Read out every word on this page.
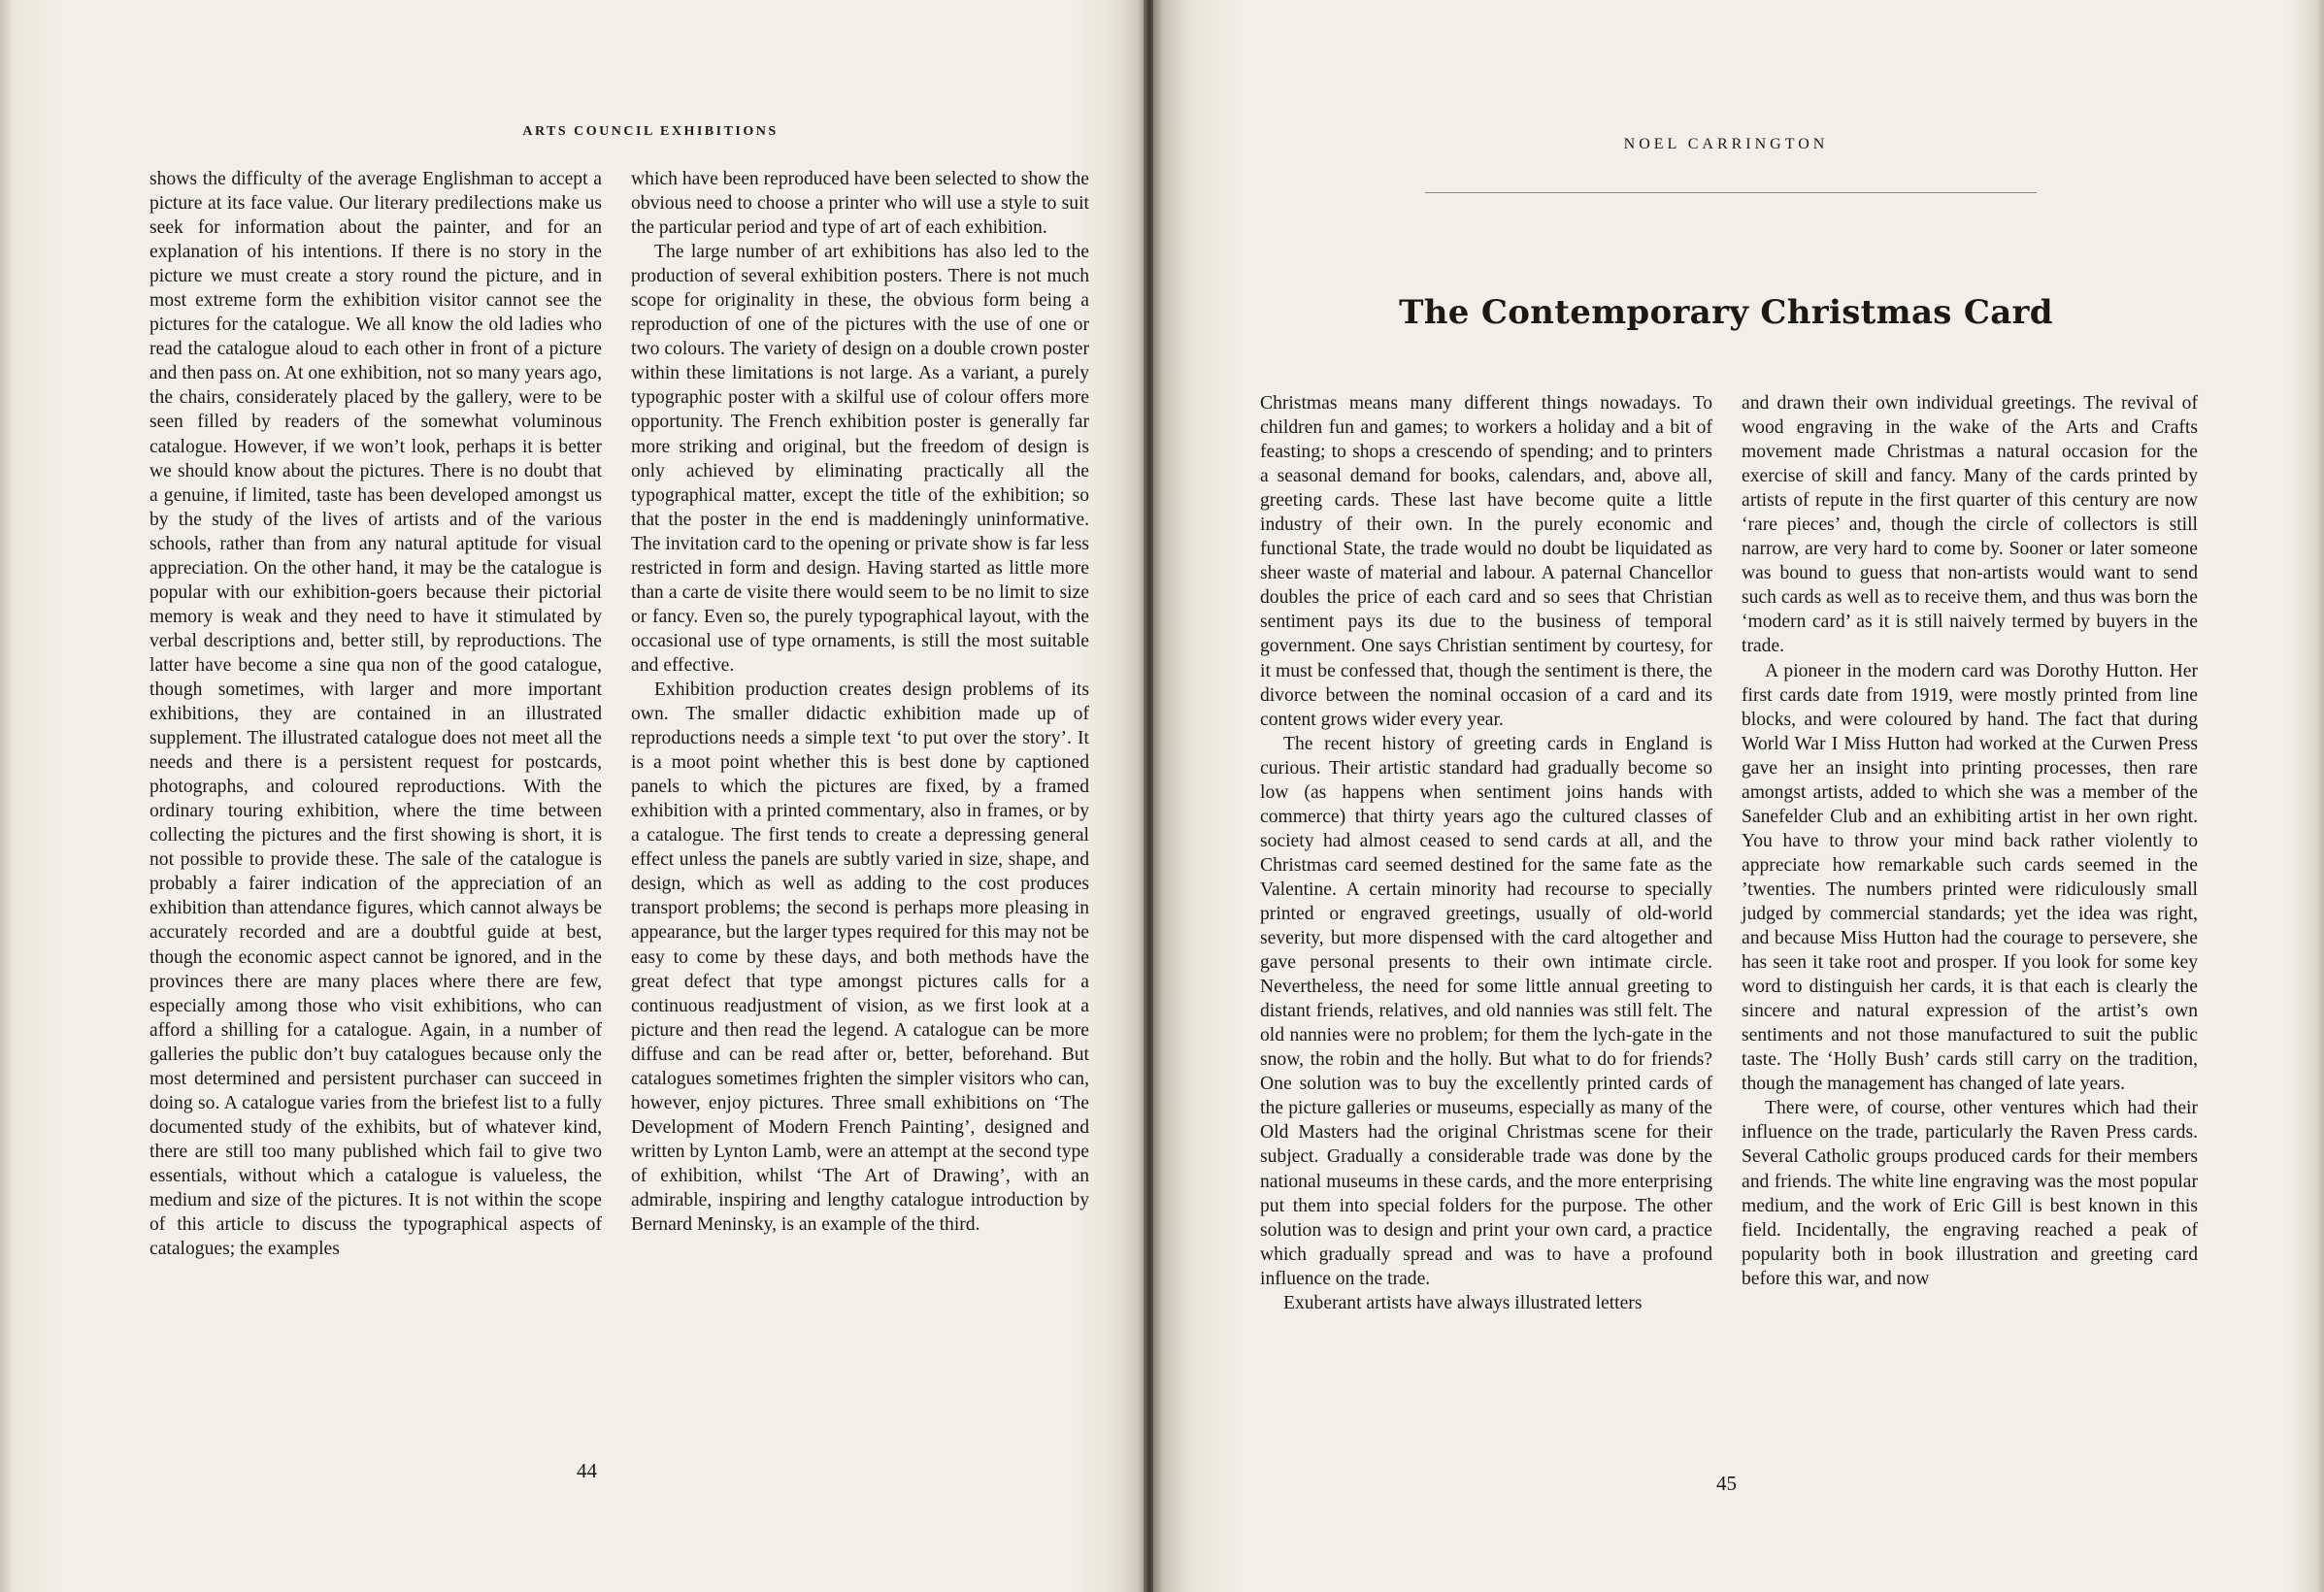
ARTS COUNCIL EXHIBITIONS

shows the difficulty of the average Englishman to accept a picture at its face value. Our literary predilections make us seek for information about the painter, and for an explanation of his intentions. If there is no story in the picture we must create a story round the picture, and in most extreme form the exhibition visitor cannot see the pictures for the catalogue. We all know the old ladies who read the catalogue aloud to each other in front of a picture and then pass on. At one exhibition, not so many years ago, the chairs, considerately placed by the gallery, were to be seen filled by readers of the somewhat voluminous catalogue. However, if we won’t look, perhaps it is better we should know about the pictures. There is no doubt that a genuine, if limited, taste has been developed amongst us by the study of the lives of artists and of the various schools, rather than from any natural aptitude for visual appreciation. On the other hand, it may be the catalogue is popular with our exhibition-goers because their pictorial memory is weak and they need to have it stimulated by verbal descriptions and, better still, by reproductions. The latter have become a sine qua non of the good catalogue, though sometimes, with larger and more important exhibitions, they are contained in an illustrated supplement. The illustrated catalogue does not meet all the needs and there is a persistent request for postcards, photographs, and coloured reproductions. With the ordinary touring exhibition, where the time between collecting the pictures and the first showing is short, it is not possible to provide these. The sale of the catalogue is probably a fairer indication of the appreciation of an exhibition than attendance figures, which cannot always be accurately recorded and are a doubtful guide at best, though the economic aspect cannot be ignored, and in the provinces there are many places where there are few, especially among those who visit exhibitions, who can afford a shilling for a catalogue. Again, in a number of galleries the public don’t buy catalogues because only the most determined and persistent purchaser can succeed in doing so. A catalogue varies from the briefest list to a fully documented study of the exhibits, but of whatever kind, there are still too many published which fail to give two essentials, without which a catalogue is valueless, the medium and size of the pictures. It is not within the scope of this article to discuss the typographical aspects of catalogues; the examples

which have been reproduced have been selected to show the obvious need to choose a printer who will use a style to suit the particular period and type of art of each exhibition.

The large number of art exhibitions has also led to the production of several exhibition posters. There is not much scope for originality in these, the obvious form being a reproduction of one of the pictures with the use of one or two colours. The variety of design on a double crown poster within these limitations is not large. As a variant, a purely typographic poster with a skilful use of colour offers more opportunity. The French exhibition poster is generally far more striking and original, but the freedom of design is only achieved by eliminating practically all the typographical matter, except the title of the exhibition; so that the poster in the end is maddeningly uninformative. The invitation card to the opening or private show is far less restricted in form and design. Having started as little more than a carte de visite there would seem to be no limit to size or fancy. Even so, the purely typographical layout, with the occasional use of type ornaments, is still the most suitable and effective.

Exhibition production creates design problems of its own. The smaller didactic exhibition made up of reproductions needs a simple text ‘to put over the story’. It is a moot point whether this is best done by captioned panels to which the pictures are fixed, by a framed exhibition with a printed commentary, also in frames, or by a catalogue. The first tends to create a depressing general effect unless the panels are subtly varied in size, shape, and design, which as well as adding to the cost produces transport problems; the second is perhaps more pleasing in appearance, but the larger types required for this may not be easy to come by these days, and both methods have the great defect that type amongst pictures calls for a continuous readjustment of vision, as we first look at a picture and then read the legend. A catalogue can be more diffuse and can be read after or, better, beforehand. But catalogues sometimes frighten the simpler visitors who can, however, enjoy pictures. Three small exhibitions on ‘The Development of Modern French Painting’, designed and written by Lynton Lamb, were an attempt at the second type of exhibition, whilst ‘The Art of Drawing’, with an admirable, inspiring and lengthy catalogue introduction by Bernard Meninsky, is an example of the third.

44
NOEL CARRINGTON
The Contemporary Christmas Card

Christmas means many different things nowadays. To children fun and games; to workers a holiday and a bit of feasting; to shops a crescendo of spending; and to printers a seasonal demand for books, calendars, and, above all, greeting cards. These last have become quite a little industry of their own. In the purely economic and functional State, the trade would no doubt be liquidated as sheer waste of material and labour. A paternal Chancellor doubles the price of each card and so sees that Christian sentiment pays its due to the business of temporal government. One says Christian sentiment by courtesy, for it must be confessed that, though the sentiment is there, the divorce between the nominal occasion of a card and its content grows wider every year.

The recent history of greeting cards in England is curious. Their artistic standard had gradually become so low (as happens when sentiment joins hands with commerce) that thirty years ago the cultured classes of society had almost ceased to send cards at all, and the Christmas card seemed destined for the same fate as the Valentine. A certain minority had recourse to specially printed or engraved greetings, usually of old-world severity, but more dispensed with the card altogether and gave personal presents to their own intimate circle. Nevertheless, the need for some little annual greeting to distant friends, relatives, and old nannies was still felt. The old nannies were no problem; for them the lych-gate in the snow, the robin and the holly. But what to do for friends? One solution was to buy the excellently printed cards of the picture galleries or museums, especially as many of the Old Masters had the original Christmas scene for their subject. Gradually a considerable trade was done by the national museums in these cards, and the more enterprising put them into special folders for the purpose. The other solution was to design and print your own card, a practice which gradually spread and was to have a profound influence on the trade.

Exuberant artists have always illustrated letters

and drawn their own individual greetings. The revival of wood engraving in the wake of the Arts and Crafts movement made Christmas a natural occasion for the exercise of skill and fancy. Many of the cards printed by artists of repute in the first quarter of this century are now ‘rare pieces’ and, though the circle of collectors is still narrow, are very hard to come by. Sooner or later someone was bound to guess that non-artists would want to send such cards as well as to receive them, and thus was born the ‘modern card’ as it is still naively termed by buyers in the trade.

A pioneer in the modern card was Dorothy Hutton. Her first cards date from 1919, were mostly printed from line blocks, and were coloured by hand. The fact that during World War I Miss Hutton had worked at the Curwen Press gave her an insight into printing processes, then rare amongst artists, added to which she was a member of the Sanefelder Club and an exhibiting artist in her own right. You have to throw your mind back rather violently to appreciate how remarkable such cards seemed in the ’twenties. The numbers printed were ridiculously small judged by commercial standards; yet the idea was right, and because Miss Hutton had the courage to persevere, she has seen it take root and prosper. If you look for some key word to distinguish her cards, it is that each is clearly the sincere and natural expression of the artist’s own sentiments and not those manufactured to suit the public taste. The ‘Holly Bush’ cards still carry on the tradition, though the management has changed of late years.

There were, of course, other ventures which had their influence on the trade, particularly the Raven Press cards. Several Catholic groups produced cards for their members and friends. The white line engraving was the most popular medium, and the work of Eric Gill is best known in this field. Incidentally, the engraving reached a peak of popularity both in book illustration and greeting card before this war, and now

45
